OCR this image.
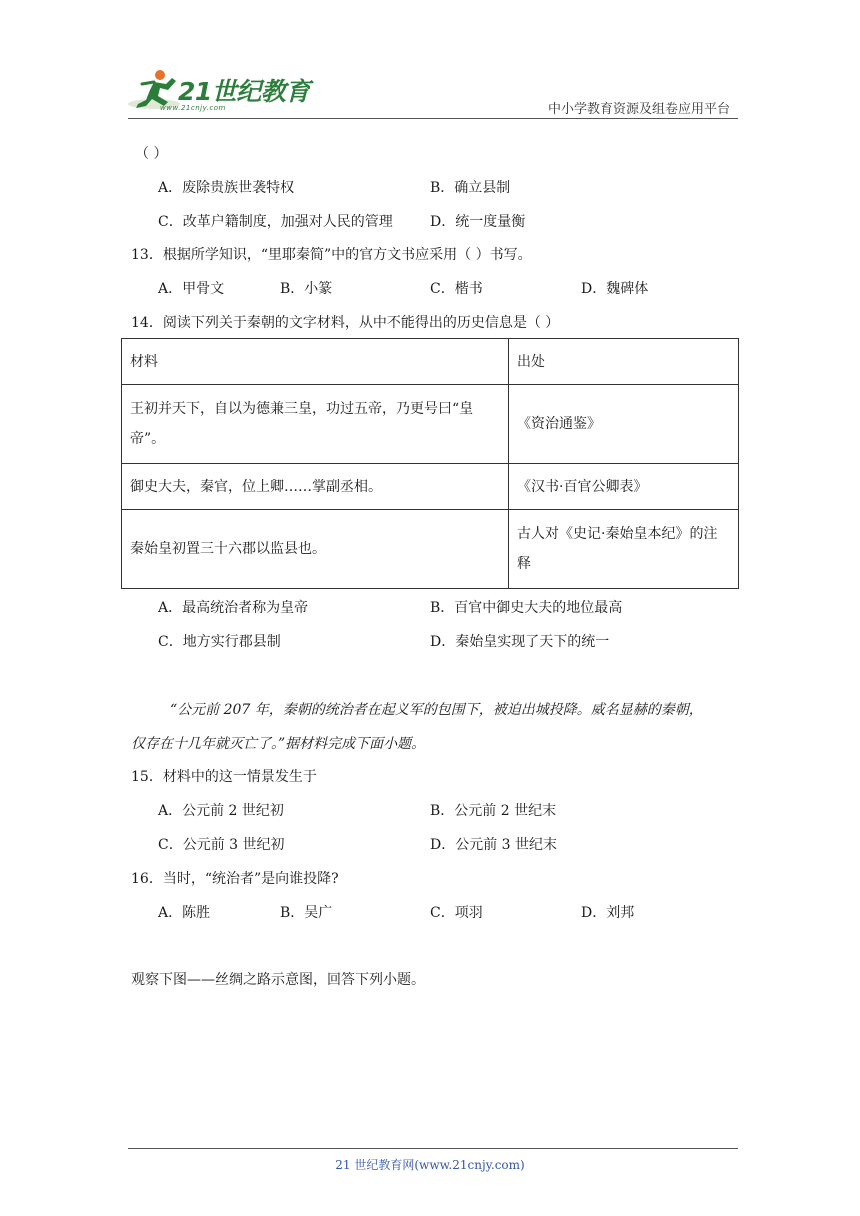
21世纪教育
www.21cnjy.com	中小学教育资源及组卷应用平台
（ ）
A．废除贵族世袭特权	B．确立县制
C．改革户籍制度，加强对人民的管理	D．统一度量衡
13．根据所学知识，“里耶秦简”中的官方文书应采用（ ）书写。
A．甲骨文	B．小篆	C．楷书	D．魏碑体
14．阅读下列关于秦朝的文字材料，从中不能得出的历史信息是（ ）
材料	出处

王初并天下，自以为德兼三皇，功过五帝，乃更号曰“皇
帝”。	《资治通鉴》
御史大夫，秦官，位上卿……掌副丞相。	《汉书·百官公卿表》
秦始皇初置三十六郡以监县也。	古人对《史记·秦始皇本纪》的注
释
A．最高统治者称为皇帝	B．百官中御史大夫的地位最高
C．地方实行郡县制	D．秦始皇实现了天下的统一
“公元前 207 年，秦朝的统治者在起义军的包围下，被迫出城投降。威名显赫的秦朝，
仅存在十几年就灭亡了。”据材料完成下面小题。
15．材料中的这一情景发生于
A．公元前 2 世纪初	B．公元前 2 世纪末
C．公元前 3 世纪初	D．公元前 3 世纪末
16．当时，“统治者”是向谁投降?
A．陈胜	B．吴广	C．项羽	D．刘邦
观察下图——丝绸之路示意图，回答下列小题。
21 世纪教育网(www.21cnjy.com)
